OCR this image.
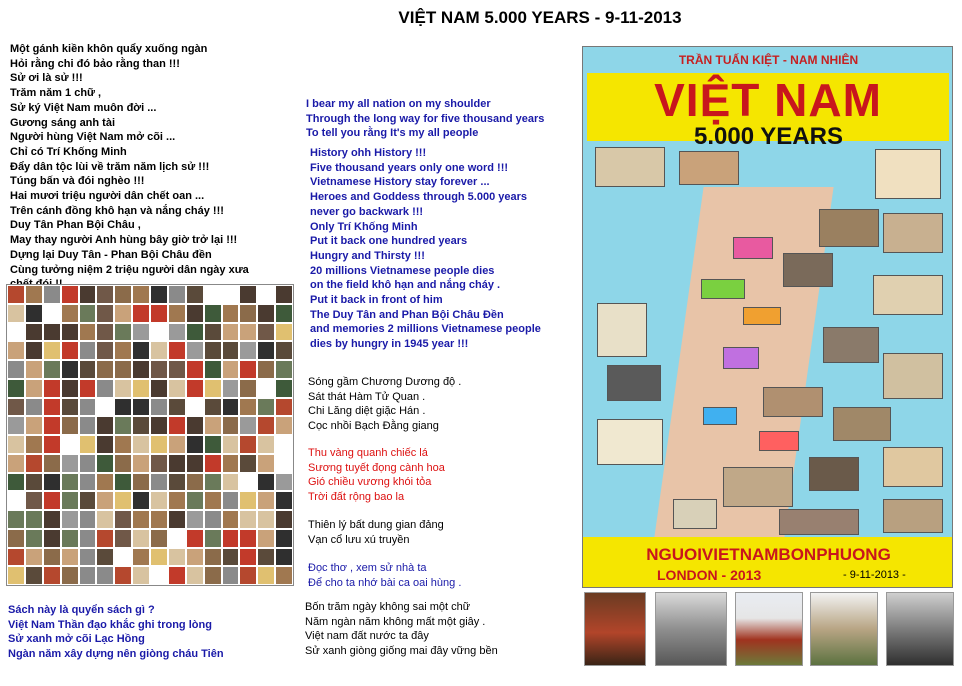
VIỆT NAM 5.000 YEARS - 9-11-2013
Một gánh kiền khôn quẩy xuống ngàn
Hỏi rằng chi đó bảo rằng than !!!
Sử ơi là sử !!!
Trăm năm 1 chữ ,
Sử ký Việt Nam muôn đời ...
Gương sáng anh tài
Người hùng Việt Nam mở cõi ...
Chỉ có Trí Khống Minh
Đẩy dân tộc lùi về trăm năm lịch sử !!!
Túng bấn và đói nghèo !!!
Hai mươi triệu người dân chết oan ...
Trên cánh đồng khô hạn và nắng cháy !!!
Duy Tân Phan Bội Châu ,
May thay người Anh hùng bây giờ trở lại !!!
Dựng lại Duy Tân - Phan Bội Châu đền
Cùng tưởng niệm 2 triệu người dân ngày xưa
Sách này là quyển sách gì ?
Việt Nam Thần đạo khắc ghi trong lòng
Sử xanh mở cõi Lạc Hồng
Ngàn năm xây dựng nên giòng cháu Tiên
I bear my all nation on my shoulder
Through the long way for five thousand years
To tell you rằng It's my all people
History ohh History !!!
Five thousand years only one word !!!
Vietnamese History stay forever ...
Heroes and Goddess through 5.000 years
never go backwark !!!
Only Trí Khống Minh
Put it back one hundred years
Hungry and Thirsty !!!
20 millions Vietnamese people dies
on the field khô hạn and nắng cháy .
Put it back in front of him
The Duy Tân and Phan Bội Châu Đền
and memories 2 millions Vietnamese people
dies by hungry in 1945 year !!!
Sóng gầm Chương Dương độ .
Sát thát Hàm Tử Quan .
Chi Lăng diệt giặc Hán .
Cọc nhồi Bạch Đằng giang
Thu vàng quanh chiếc lá
Sương tuyết đọng cành hoa
Gió chiều vương khói tỏa
Trời đất rộng bao la
Thiên lý bất dung gian đảng
Vạn cổ lưu xú truyền
Đọc thơ , xem sử nhà ta
Để cho ta nhớ bài ca oai hùng .
Bốn trăm ngày không sai một chữ
Năm ngàn năm không mất một giây .
Việt nam đất nước ta đây
Sử xanh giòng giống mai đây vững bền
TRẦN TUẤN KIỆT - NAM NHIÊN
VIỆT NAM
5.000 YEARS
NGUOIVIETNAMBONPHUONG
LONDON - 2013	- 9-11-2013 -
